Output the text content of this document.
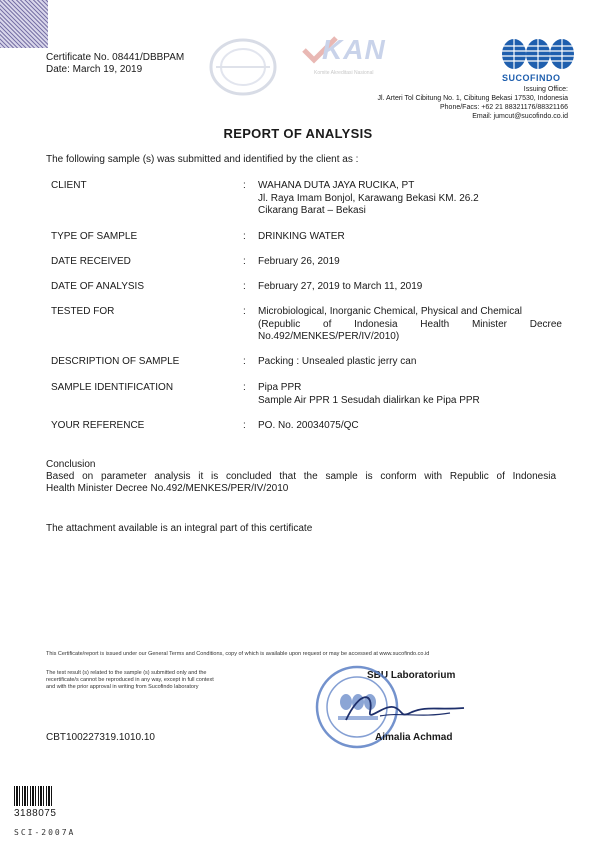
Certificate No. 08441/DBBPAM
Date: March 19, 2019
KAN
Komite Akreditasi Nasional	SUCOFINDO
Issuing Office:
Jl. Arteri Tol Cibitung No. 1, Cibitung Bekasi 17530, Indonesia
Phone/Facs: +62 21 88321176/88321166
Email: jumcut@sucofindo.co.id
REPORT OF ANALYSIS
The following sample (s) was submitted and identified by the client as :
CLIENT	: WAHANA DUTA JAYA RUCIKA, PT
Jl. Raya Imam Bonjol, Karawang Bekasi KM. 26.2
Cikarang Barat – Bekasi
TYPE OF SAMPLE	: DRINKING WATER
DATE RECEIVED	: February 26, 2019
DATE OF ANALYSIS	: February 27, 2019 to March 11, 2019
TESTED FOR	: Microbiological, Inorganic Chemical, Physical and Chemical
(Republic of Indonesia Health Minister Decree
No.492/MENKES/PER/IV/2010)
DESCRIPTION OF SAMPLE	: Packing : Unsealed plastic jerry can
SAMPLE IDENTIFICATION	: Pipa PPR
Sample Air PPR 1 Sesudah dialirkan ke Pipa PPR
YOUR REFERENCE	: PO. No. 20034075/QC
Conclusion
Based on parameter analysis it is concluded that the sample is conform with Republic of Indonesia
Health Minister Decree No.492/MENKES/PER/IV/2010
The attachment available is an integral part of this certificate
This Certificate/report is issued under our General Terms and Conditions, copy of which is available upon request or may be accessed at www.sucofindo.co.id
The test result (s) related to the sample (s) submitted only and the
recertificate/s cannot be reproduced in any way, except in full context
and with the prior approval in writing from Sucofindo laboratory
SBU Laboratorium
Aimalia Achmad
CBT100227319.1010.10
3188075
SCI-2007A
